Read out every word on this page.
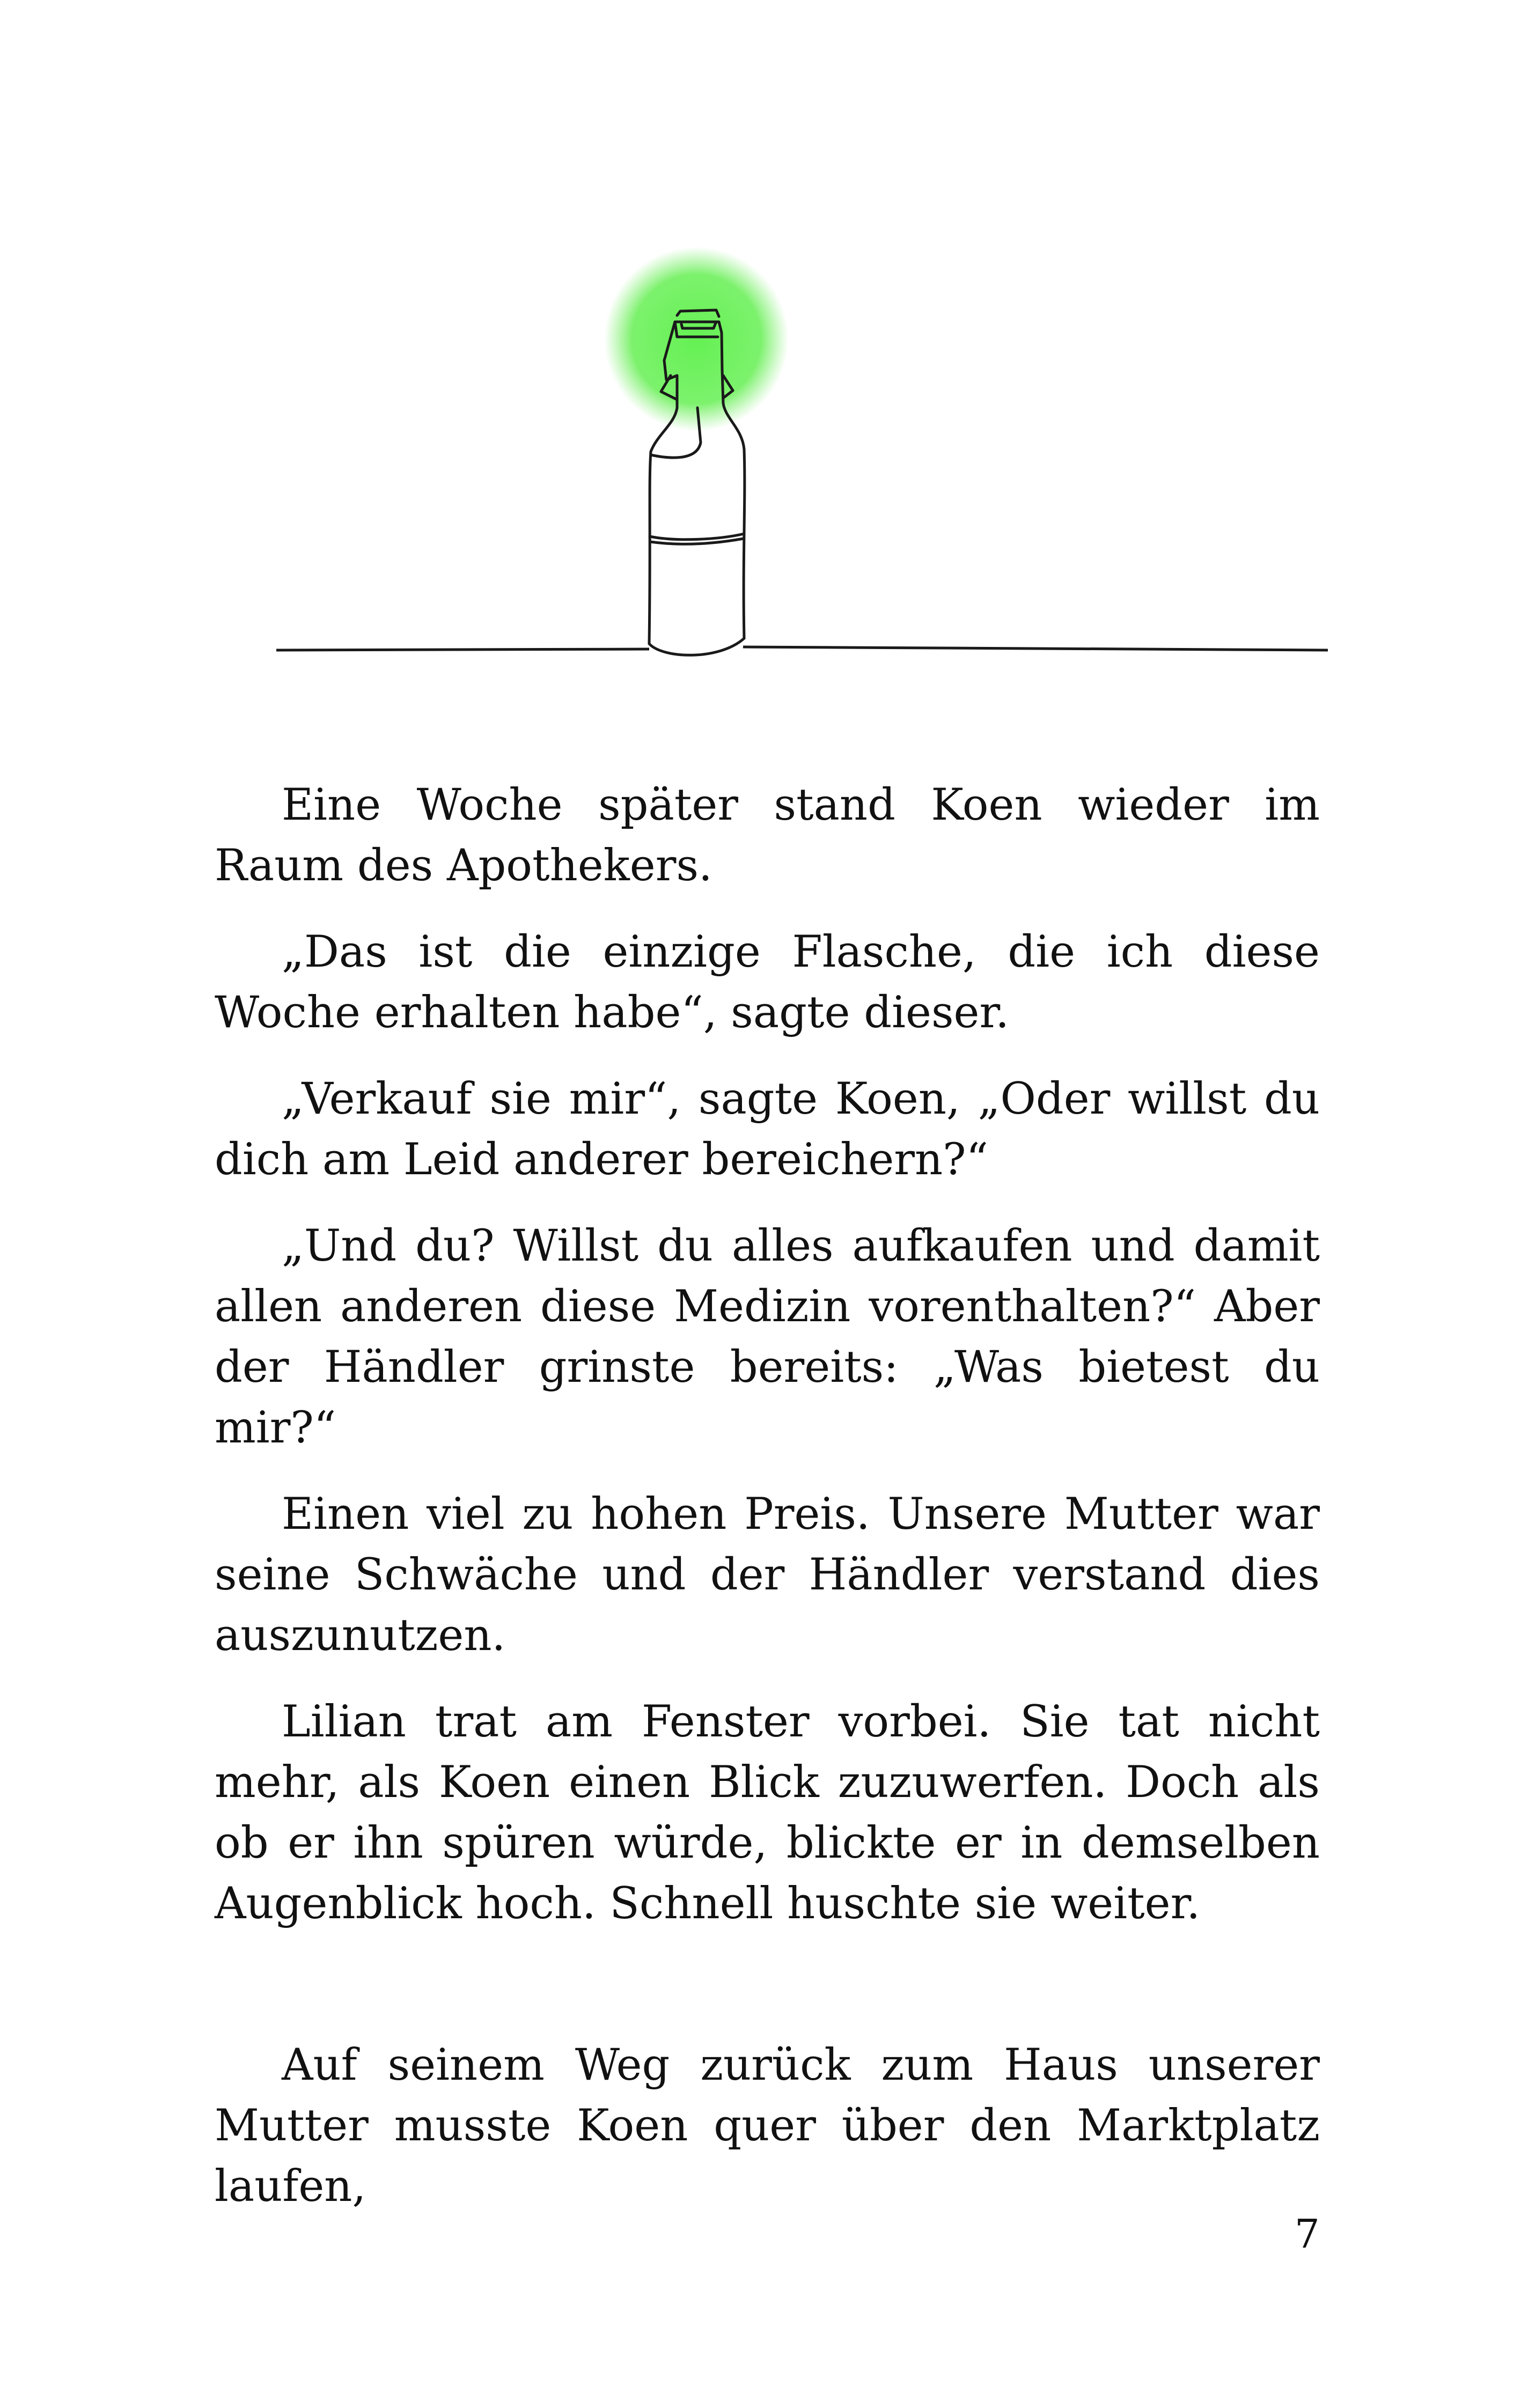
Eine Woche später stand Koen wieder im Raum des Apothekers.

„Das ist die einzige Flasche, die ich diese Woche erhalten habe“, sagte dieser.

„Verkauf sie mir“, sagte Koen, „Oder willst du dich am Leid anderer bereichern?“

„Und du? Willst du alles aufkaufen und damit allen anderen diese Medizin vorenthalten?“ Aber der Händler grinste bereits: „Was bietest du mir?“

Einen viel zu hohen Preis. Unsere Mutter war seine Schwäche und der Händler verstand dies auszunutzen.

Lilian trat am Fenster vorbei. Sie tat nicht mehr, als Koen einen Blick zuzuwerfen. Doch als ob er ihn spüren würde, blickte er in demselben Augenblick hoch. Schnell huschte sie weiter.

Auf seinem Weg zurück zum Haus unserer Mutter musste Koen quer über den Marktplatz laufen,

7
